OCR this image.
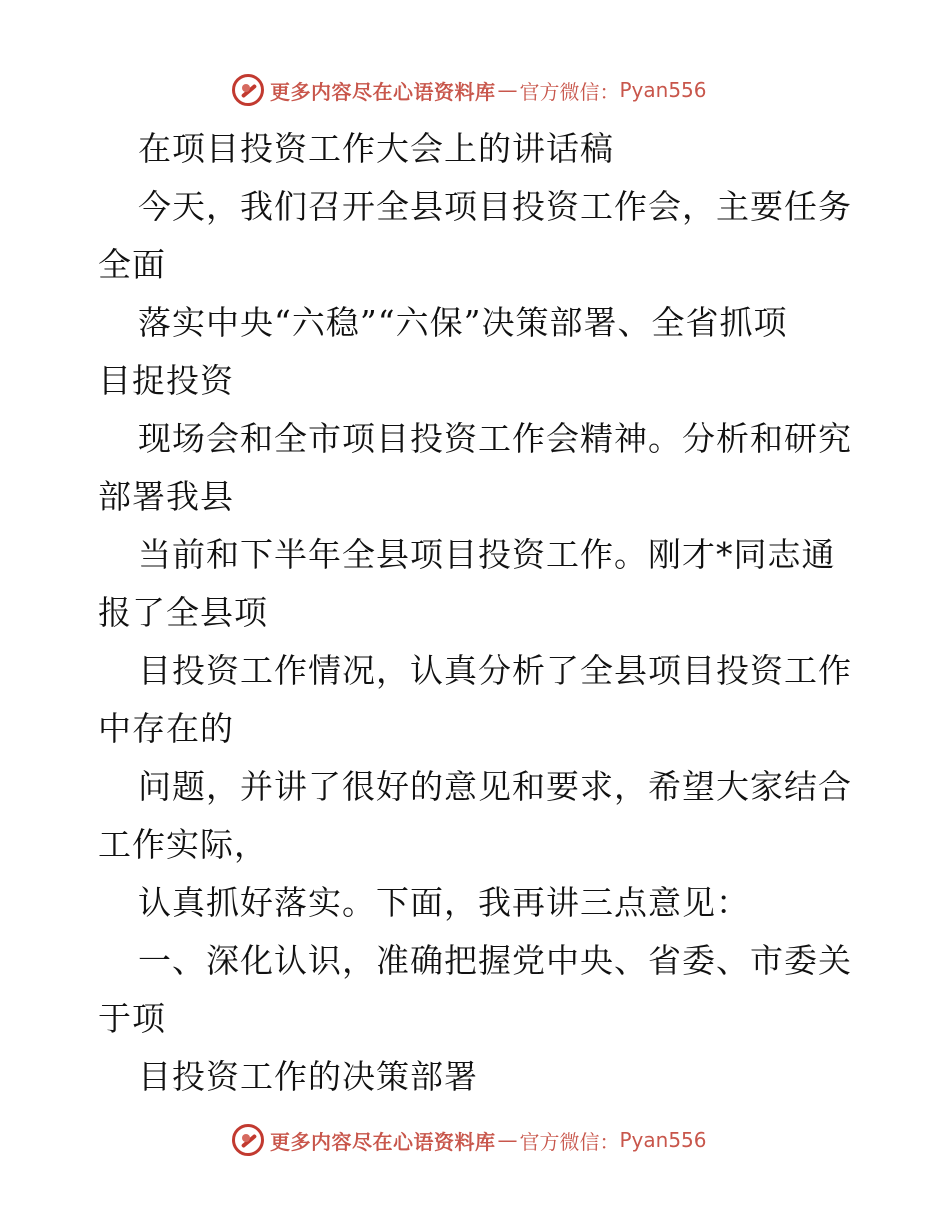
更多内容尽在心语资料库 — 官方微信： Pyan556
在项目投资工作大会上的讲话稿
今天，我们召开全县项目投资工作会，主要任务
全面
落实中央“六稳”“六保”决策部署、全省抓项
目捉投资
现场会和全市项目投资工作会精神。分析和研究
部署我县
当前和下半年全县项目投资工作。刚才*同志通
报了全县项
目投资工作情况，认真分析了全县项目投资工作
中存在的
问题，并讲了很好的意见和要求，希望大家结合
工作实际，
认真抓好落实。下面，我再讲三点意见：
一、深化认识，准确把握党中央、省委、市委关
于项
目投资工作的决策部署
更多内容尽在心语资料库 — 官方微信： Pyan556
